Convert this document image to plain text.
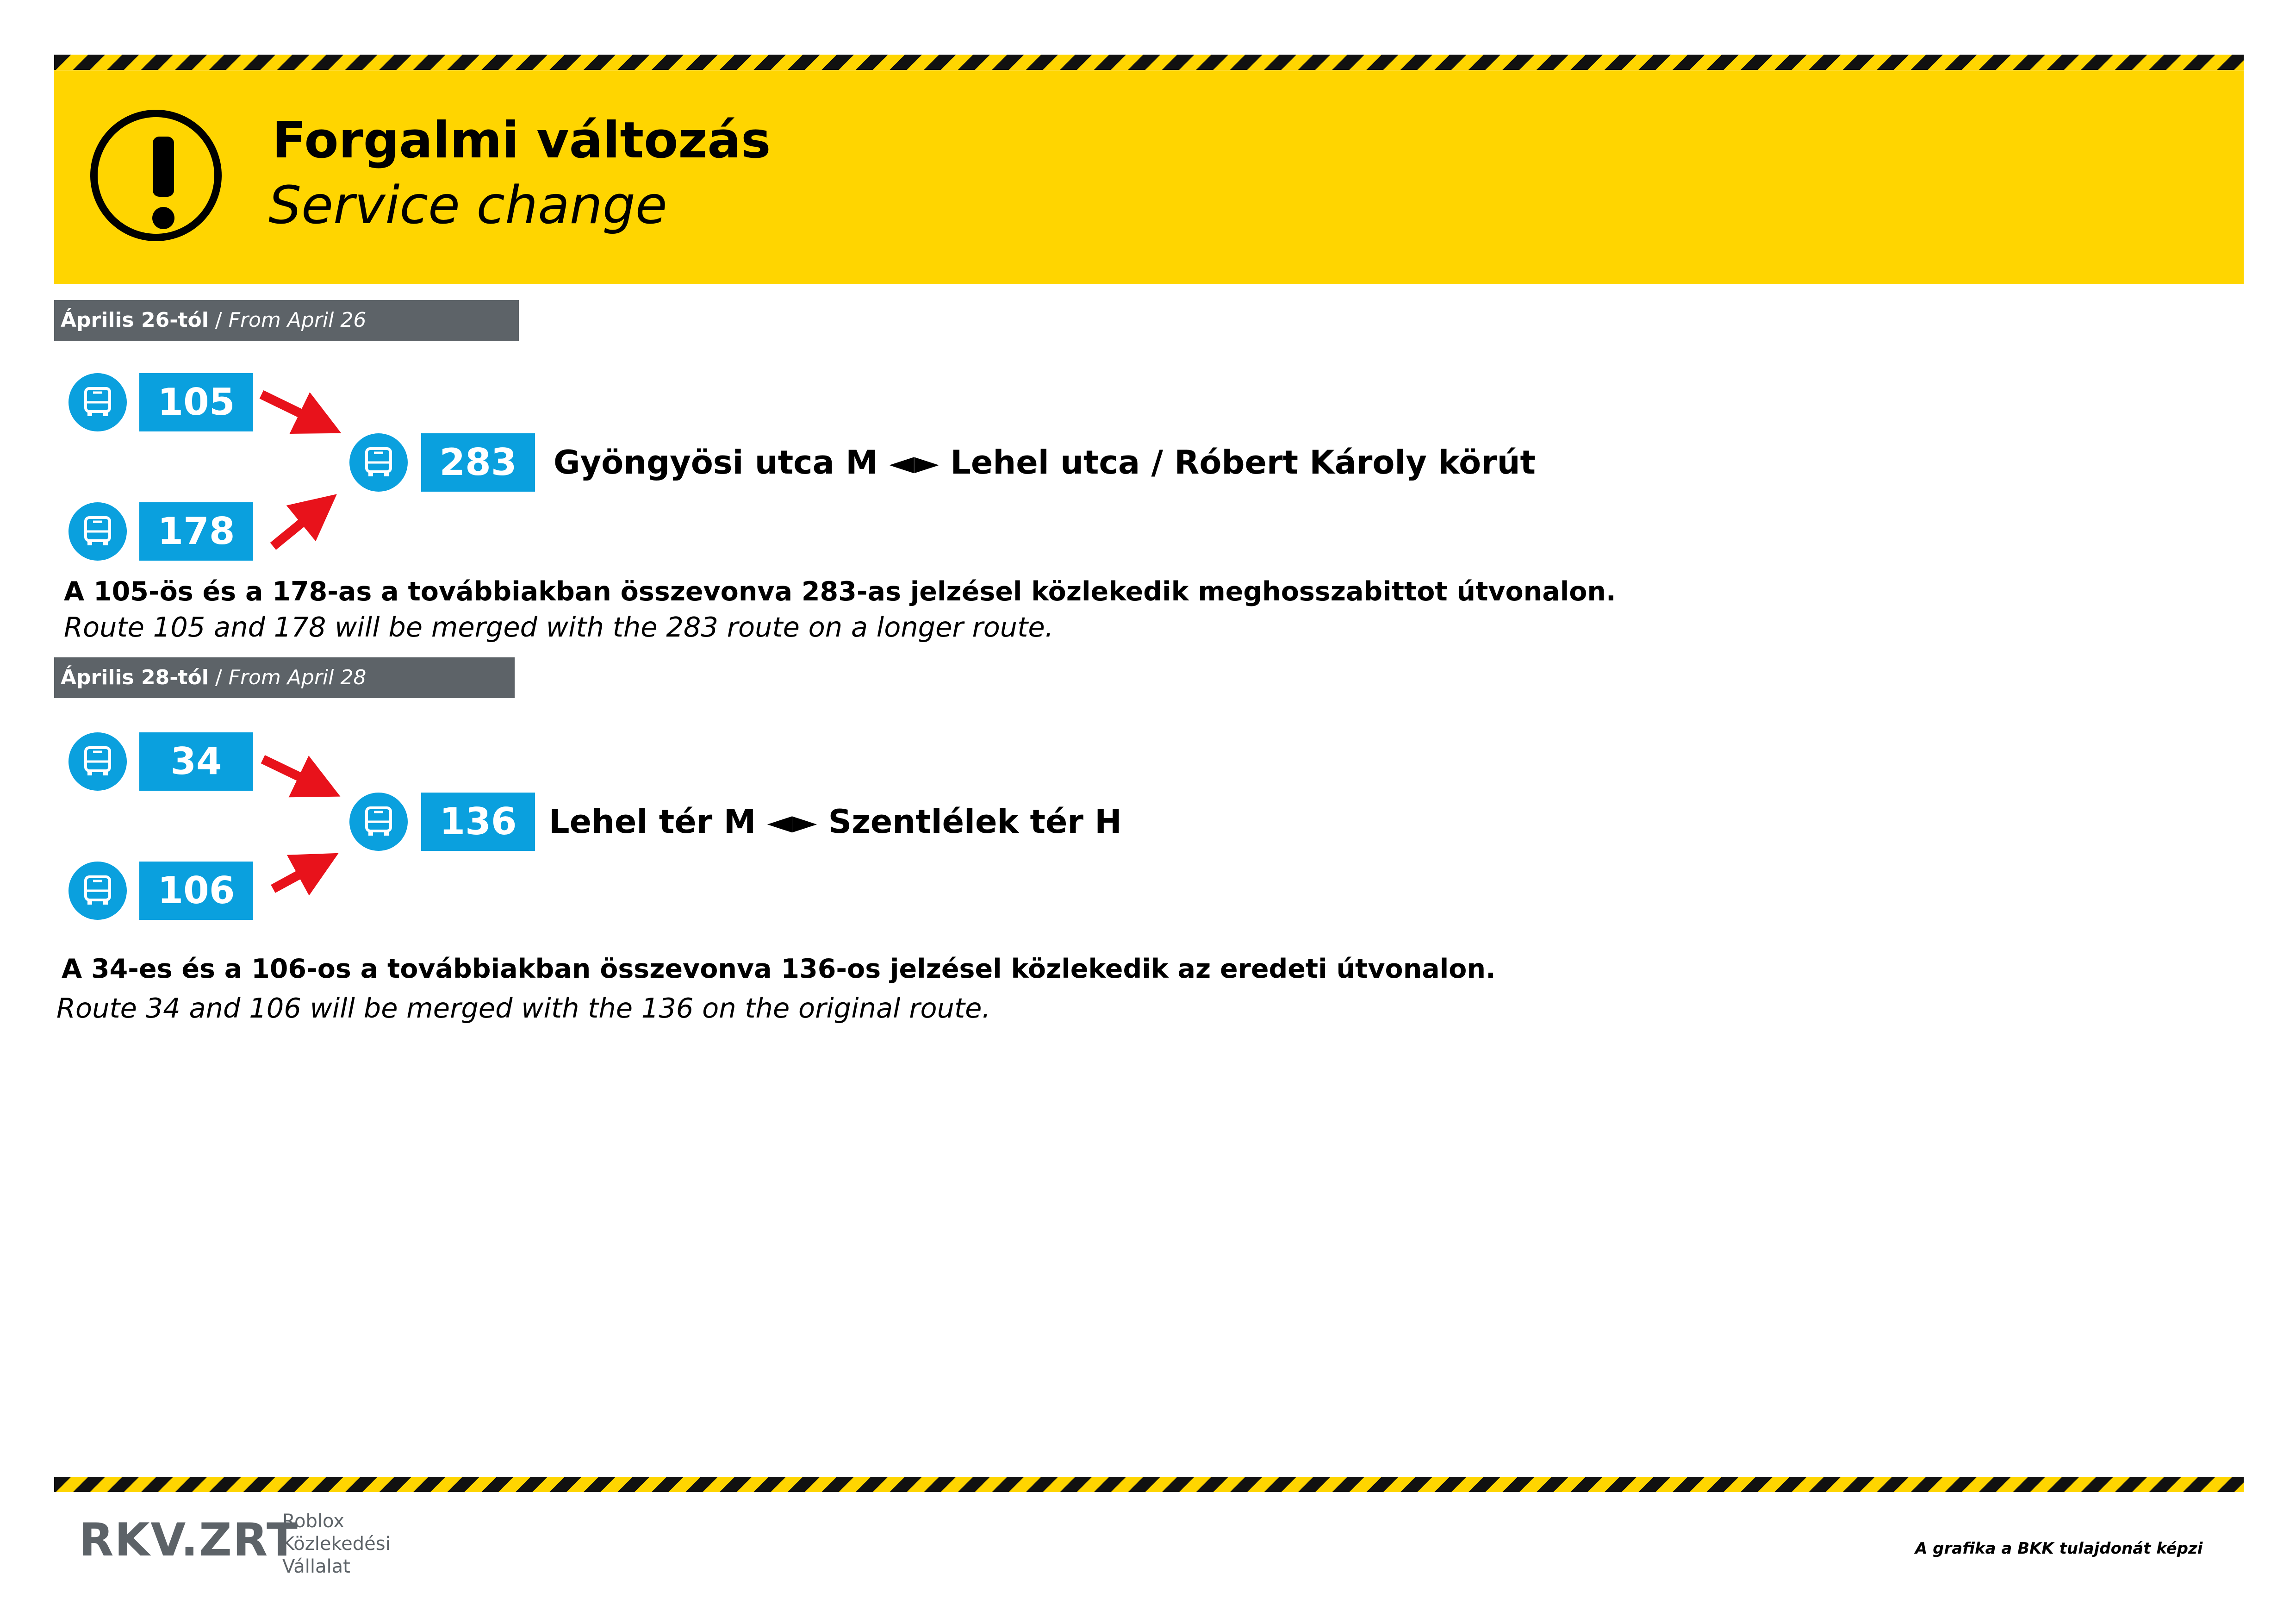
Forgalmi változás
Service change
Április 26-tól / From April 26
105
178
283	Gyöngyösi utca M ◄► Lehel utca / Róbert Károly körút
A 105-ös és a 178-as a továbbiakban összevonva 283-as jelzésel közlekedik meghosszabittot útvonalon.
Route 105 and 178 will be merged with the 283 route on a longer route.
Április 28-tól / From April 28
34
106
136 Lehel tér M ◄► Szentlélek tér H
A 34-es és a 106-os a továbbiakban összevonva 136-os jelzésel közlekedik az eredeti útvonalon.
Route 34 and 106 will be merged with the 136 on the original route.
RKV.ZRT
Roblox
Közlekedési
Vállalat
A grafika a BKK tulajdonát képzi
